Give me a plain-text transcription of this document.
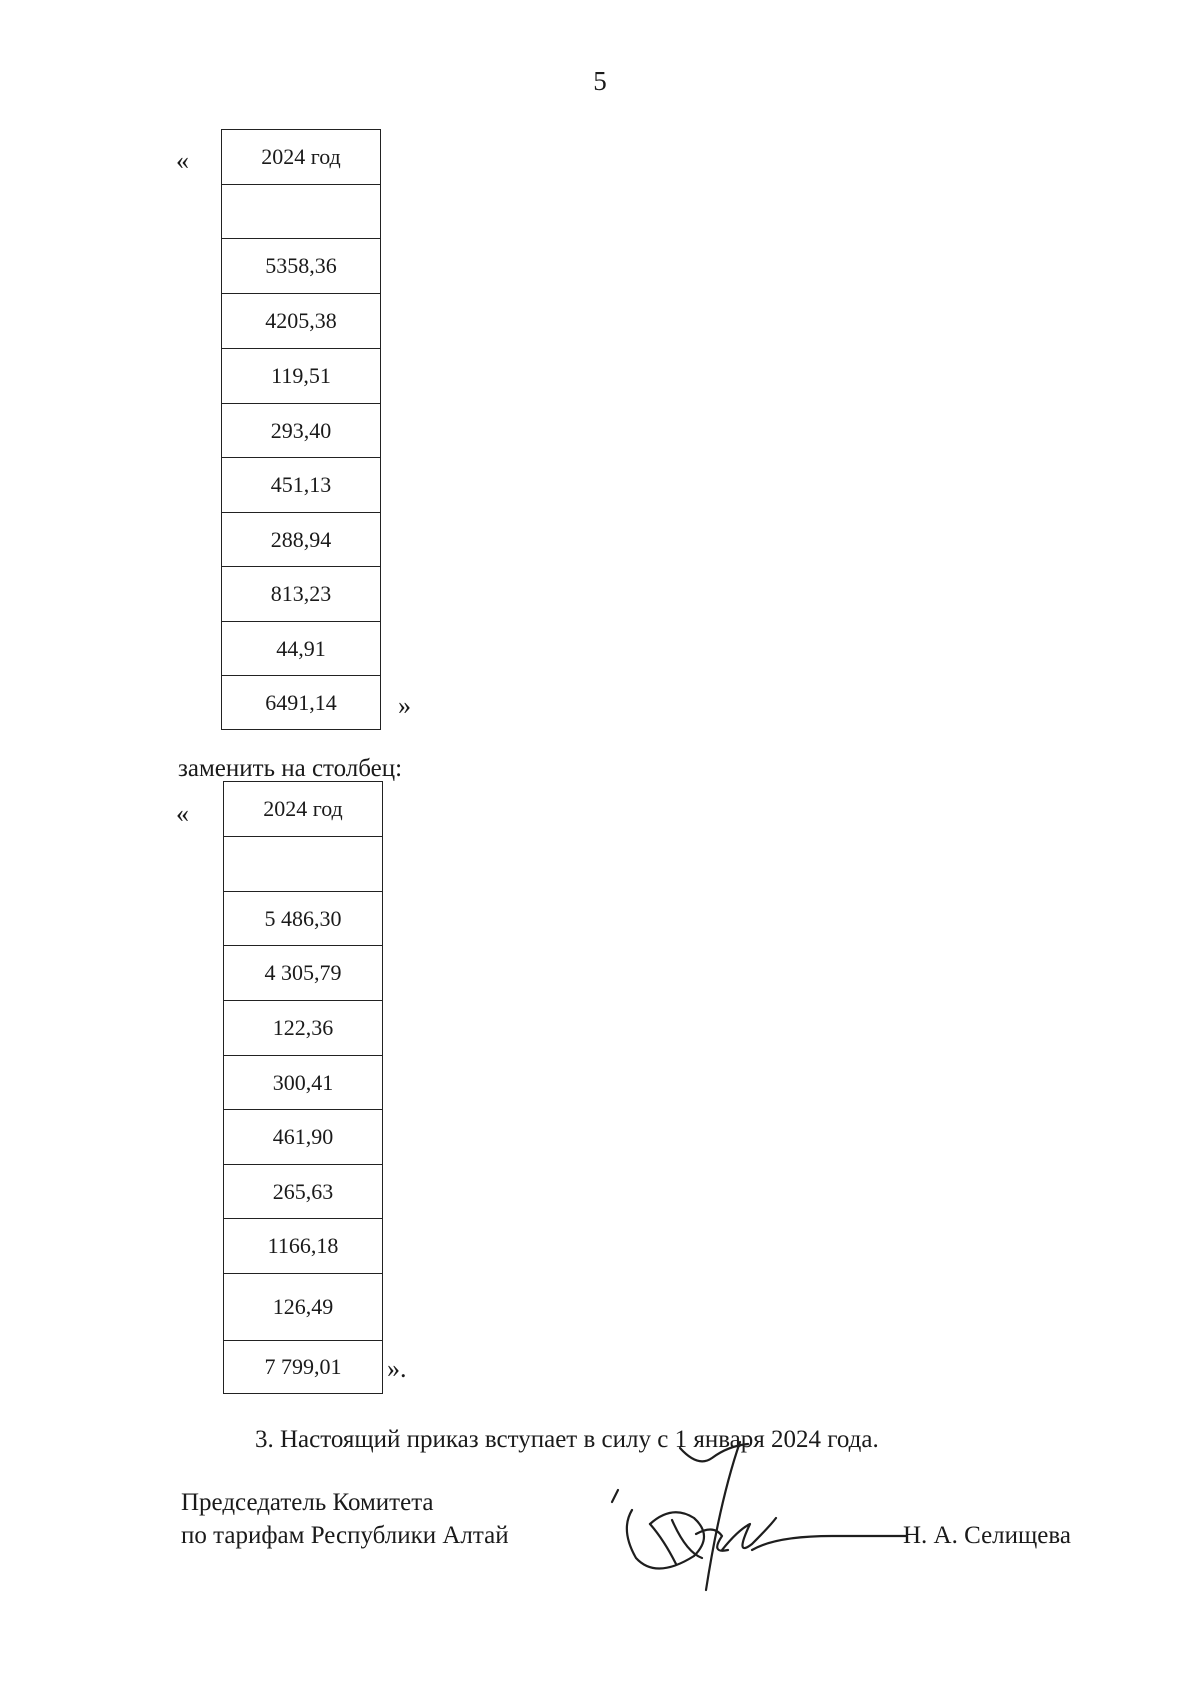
5
«	2024 год

5358,36
4205,38
119,51
293,40
451,13
288,94
813,23
44,91
6491,14 »
заменить на столбец:
«	2024 год

5 486,30
4 305,79
122,36
300,41
461,90
265,63
1166,18
126,49
7 799,01 ».
3. Настоящий приказ вступает в силу с 1 января 2024 года.
Председатель Комитета
по тарифам Республики Алтай	Н. А. Селищева
